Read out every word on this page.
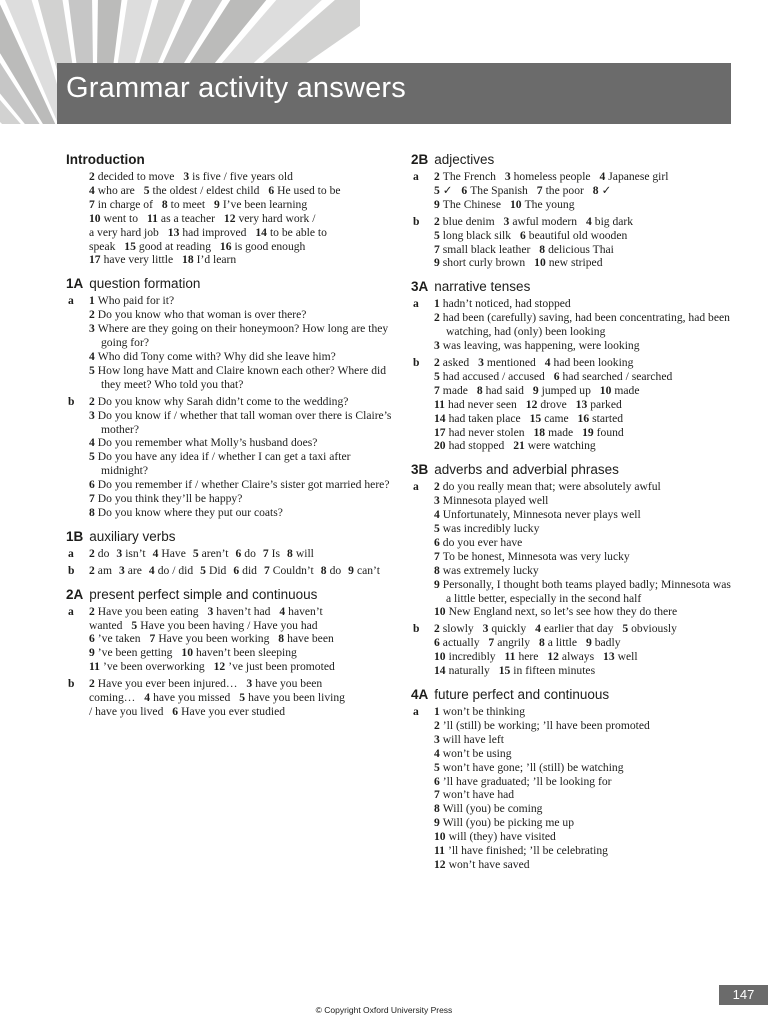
Grammar activity answers
Introduction
2 decided to move 3 is five / five years old
4 who are 5 the oldest / eldest child 6 He used to be
7 in charge of 8 to meet 9 I’ve been learning
10 went to 11 as a teacher 12 very hard work /
a very hard job 13 had improved 14 to be able to
speak 15 good at reading 16 is good enough
17 have very little 18 I’d learn
1A question formation
a 1 Who paid for it?
2 Do you know who that woman is over there?
3 Where are they going on their honeymoon? How long are they going for?
4 Who did Tony come with? Why did she leave him?
5 How long have Matt and Claire known each other? Where did they meet? Who told you that?
b 2 Do you know why Sarah didn’t come to the wedding?
3 Do you know if / whether that tall woman over there is Claire’s mother?
4 Do you remember what Molly’s husband does?
5 Do you have any idea if / whether I can get a taxi after midnight?
6 Do you remember if / whether Claire’s sister got married here?
7 Do you think they’ll be happy?
8 Do you know where they put our coats?
1B auxiliary verbs
a 2 do 3 isn’t 4 Have 5 aren’t 6 do 7 Is 8 will
b 2 am 3 are 4 do / did 5 Did 6 did 7 Couldn’t 8 do 9 can’t
2A present perfect simple and continuous
a 2 Have you been eating 3 haven’t had 4 haven’t
wanted 5 Have you been having / Have you had
6 ’ve taken 7 Have you been working 8 have been
9 ’ve been getting 10 haven’t been sleeping
11 ’ve been overworking 12 ’ve just been promoted
b 2 Have you ever been injured… 3 have you been
coming… 4 have you missed 5 have you been living
/ have you lived 6 Have you ever studied
2B adjectives
a 2 The French 3 homeless people 4 Japanese girl
5 ✓ 6 The Spanish 7 the poor 8 ✓
9 The Chinese 10 The young
b 2 blue denim 3 awful modern 4 big dark
5 long black silk 6 beautiful old wooden
7 small black leather 8 delicious Thai
9 short curly brown 10 new striped
3A narrative tenses
a 1 hadn’t noticed, had stopped
2 had been (carefully) saving, had been concentrating, had been watching, had (only) been looking
3 was leaving, was happening, were looking
b 2 asked 3 mentioned 4 had been looking
5 had accused / accused 6 had searched / searched
7 made 8 had said 9 jumped up 10 made
11 had never seen 12 drove 13 parked
14 had taken place 15 came 16 started
17 had never stolen 18 made 19 found
20 had stopped 21 were watching
3B adverbs and adverbial phrases
a 2 do you really mean that; were absolutely awful
3 Minnesota played well
4 Unfortunately, Minnesota never plays well
5 was incredibly lucky
6 do you ever have
7 To be honest, Minnesota was very lucky
8 was extremely lucky
9 Personally, I thought both teams played badly; Minnesota was a little better, especially in the second half
10 New England next, so let’s see how they do there
b 2 slowly 3 quickly 4 earlier that day 5 obviously
6 actually 7 angrily 8 a little 9 badly
10 incredibly 11 here 12 always 13 well
14 naturally 15 in fifteen minutes
4A future perfect and continuous
a 1 won’t be thinking
2 ’ll (still) be working; ’ll have been promoted
3 will have left
4 won’t be using
5 won’t have gone; ’ll (still) be watching
6 ’ll have graduated; ’ll be looking for
7 won’t have had
8 Will (you) be coming
9 Will (you) be picking me up
10 will (they) have visited
11 ’ll have finished; ’ll be celebrating
12 won’t have saved
147
© Copyright Oxford University Press
